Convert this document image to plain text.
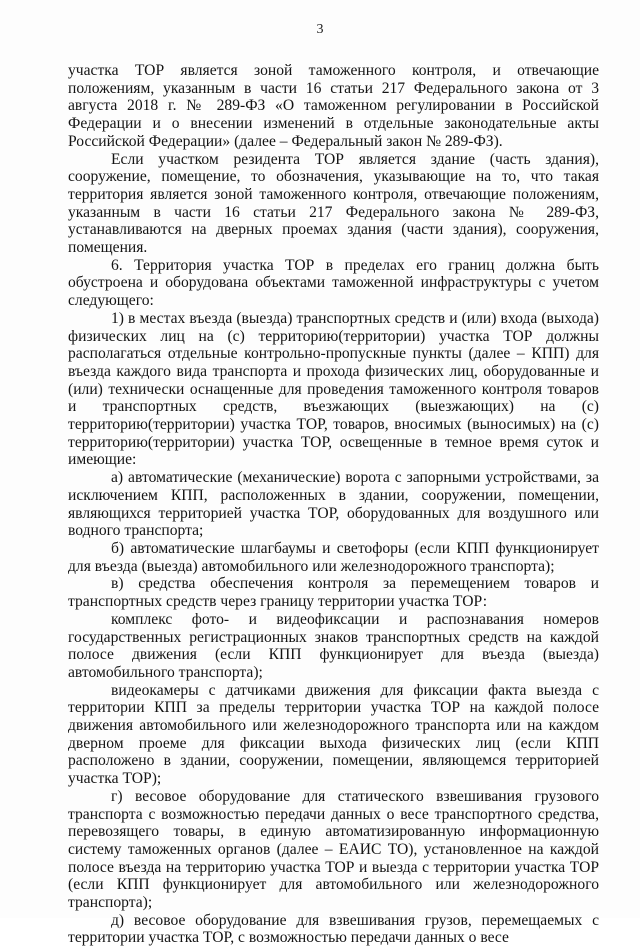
3

участка ТОР является зоной таможенного контроля, и отвечающие положениям, указанным в части 16 статьи 217 Федерального закона от 3 августа 2018 г. № 289-ФЗ «О таможенном регулировании в Российской Федерации и о внесении изменений в отдельные законодательные акты Российской Федерации» (далее – Федеральный закон № 289-ФЗ).

Если участком резидента ТОР является здание (часть здания), сооружение, помещение, то обозначения, указывающие на то, что такая территория является зоной таможенного контроля, отвечающие положениям, указанным в части 16 статьи 217 Федерального закона № 289-ФЗ, устанавливаются на дверных проемах здания (части здания), сооружения, помещения.

6. Территория участка ТОР в пределах его границ должна быть обустроена и оборудована объектами таможенной инфраструктуры с учетом следующего:

1) в местах въезда (выезда) транспортных средств и (или) входа (выхода) физических лиц на (с) территорию(территории) участка ТОР должны располагаться отдельные контрольно-пропускные пункты (далее – КПП) для въезда каждого вида транспорта и прохода физических лиц, оборудованные и (или) технически оснащенные для проведения таможенного контроля товаров и транспортных средств, въезжающих (выезжающих) на (с) территорию(территории) участка ТОР, товаров, вносимых (выносимых) на (с) территорию(территории) участка ТОР, освещенные в темное время суток и имеющие:

а) автоматические (механические) ворота с запорными устройствами, за исключением КПП, расположенных в здании, сооружении, помещении, являющихся территорией участка ТОР, оборудованных для воздушного или водного транспорта;

б) автоматические шлагбаумы и светофоры (если КПП функционирует для въезда (выезда) автомобильного или железнодорожного транспорта);

в) средства обеспечения контроля за перемещением товаров и транспортных средств через границу территории участка ТОР:

комплекс фото- и видеофиксации и распознавания номеров государственных регистрационных знаков транспортных средств на каждой полосе движения (если КПП функционирует для въезда (выезда) автомобильного транспорта);

видеокамеры с датчиками движения для фиксации факта выезда с территории КПП за пределы территории участка ТОР на каждой полосе движения автомобильного или железнодорожного транспорта или на каждом дверном проеме для фиксации выхода физических лиц (если КПП расположено в здании, сооружении, помещении, являющемся территорией участка ТОР);

г) весовое оборудование для статического взвешивания грузового транспорта с возможностью передачи данных о весе транспортного средства, перевозящего товары, в единую автоматизированную информационную систему таможенных органов (далее – ЕАИС ТО), установленное на каждой полосе въезда на территорию участка ТОР и выезда с территории участка ТОР (если КПП функционирует для автомобильного или железнодорожного транспорта);

д) весовое оборудование для взвешивания грузов, перемещаемых с территории участка ТОР, с возможностью передачи данных о весе
